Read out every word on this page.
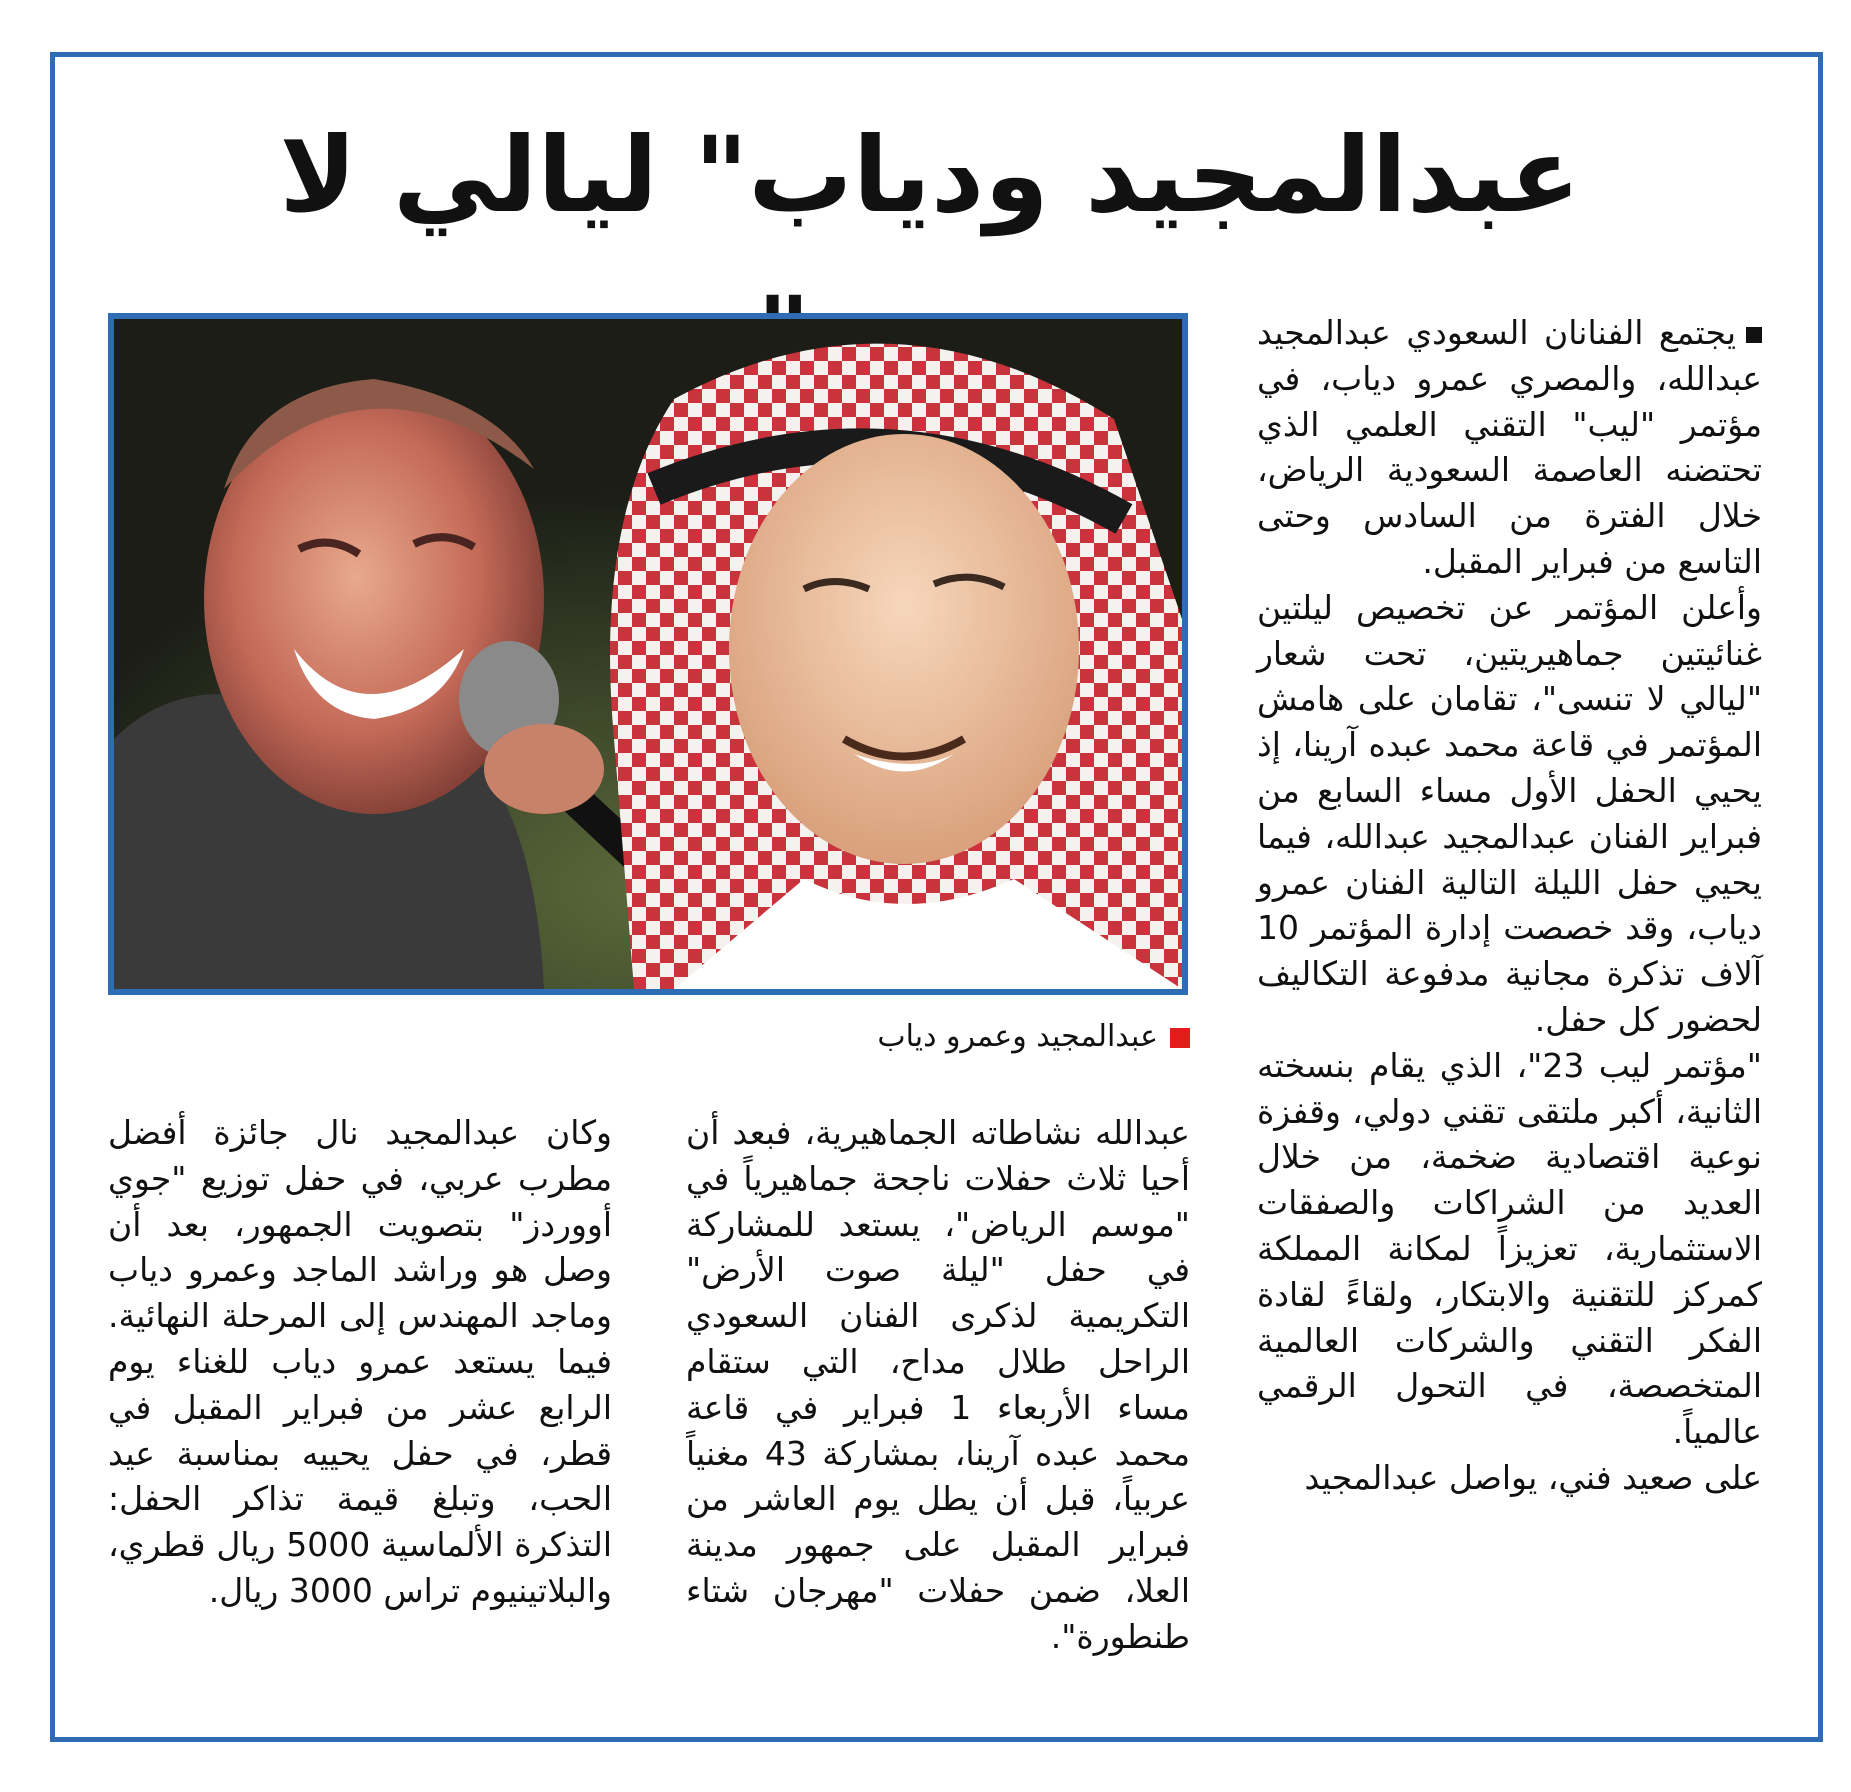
عبدالمجيد ودياب" ليالي لا
عبدالمجيد وعمرو دياب

يجتمع الفنانان السعودي عبدالمجيد عبدالله، والمصري عمرو دياب، في مؤتمر "ليب" التقني العلمي الذي تحتضنه العاصمة السعودية الرياض، خلال الفترة من السادس وحتى التاسع من فبراير المقبل.

وأعلن المؤتمر عن تخصيص ليلتين غنائيتين جماهيريتين، تحت شعار "ليالي لا تنسى"، تقامان على هامش المؤتمر في قاعة محمد عبده آرينا، إذ يحيي الحفل الأول مساء السابع من فبراير الفنان عبدالمجيد عبدالله، فيما يحيي حفل الليلة التالية الفنان عمرو دياب، وقد خصصت إدارة المؤتمر 10 آلاف تذكرة مجانية مدفوعة التكاليف لحضور كل حفل.

"مؤتمر ليب 23"، الذي يقام بنسخته الثانية، أكبر ملتقى تقني دولي، وقفزة نوعية اقتصادية ضخمة، من خلال العديد من الشراكات والصفقات الاستثمارية، تعزيزاً لمكانة المملكة كمركز للتقنية والابتكار، ولقاءً لقادة الفكر التقني والشركات العالمية المتخصصة، في التحول الرقمي عالمياً.

على صعيد فني، يواصل عبدالمجيد

عبدالله نشاطاته الجماهيرية، فبعد أن أحيا ثلاث حفلات ناجحة جماهيرياً في "موسم الرياض"، يستعد للمشاركة في حفل "ليلة صوت الأرض" التكريمية لذكرى الفنان السعودي الراحل طلال مداح، التي ستقام مساء الأربعاء 1 فبراير في قاعة محمد عبده آرينا، بمشاركة 43 مغنياً عربياً، قبل أن يطل يوم العاشر من فبراير المقبل على جمهور مدينة العلا، ضمن حفلات "مهرجان شتاء طنطورة".

وكان عبدالمجيد نال جائزة أفضل مطرب عربي، في حفل توزيع "جوي أووردز" بتصويت الجمهور، بعد أن وصل هو وراشد الماجد وعمرو دياب وماجد المهندس إلى المرحلة النهائية. فيما يستعد عمرو دياب للغناء يوم الرابع عشر من فبراير المقبل في قطر، في حفل يحييه بمناسبة عيد الحب، وتبلغ قيمة تذاكر الحفل: التذكرة الألماسية 5000 ريال قطري، والبلاتينيوم تراس 3000 ريال.
